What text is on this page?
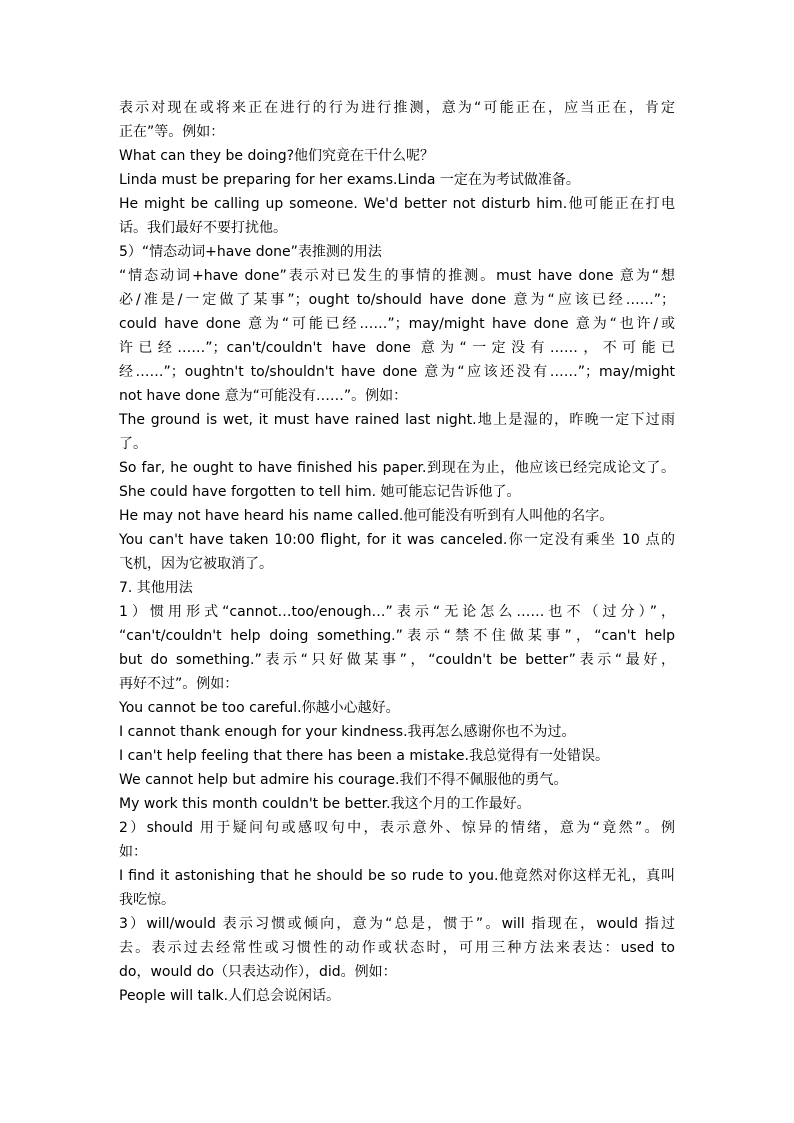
表示对现在或将来正在进行的行为进行推测，意为“可能正在，应当正在，肯定
正在”等。例如：
What can they be doing?他们究竟在干什么呢？
Linda must be preparing for her exams.Linda 一定在为考试做准备。
He might be calling up someone. We'd better not disturb him.他可能正在打电
话。我们最好不要打扰他。
5）“情态动词+have done”表推测的用法
“情态动词+have done”表示对已发生的事情的推测。must have done 意为“想
必/准是/一定做了某事”；ought to/should have done 意为“应该已经……”；
could have done 意为“可能已经……”；may/might have done 意为“也许/或
许已经……”；can't/couldn't have done 意为“一定没有……，不可能已
经……”；oughtn't to/shouldn't have done 意为“应该还没有……”；may/might
not have done 意为“可能没有……”。例如：
The ground is wet, it must have rained last night.地上是湿的，昨晚一定下过雨
了。
So far, he ought to have finished his paper.到现在为止，他应该已经完成论文了。
She could have forgotten to tell him. 她可能忘记告诉他了。
He may not have heard his name called.他可能没有听到有人叫他的名字。
You can't have taken 10:00 flight, for it was canceled.你一定没有乘坐 10 点的
飞机，因为它被取消了。
7. 其他用法
1）惯用形式“cannot…too/enough…”表示“无论怎么……也不（过分）”，
“can't/couldn't help doing something.”表示“禁不住做某事”，“can't help
but do something.”表示“只好做某事”，“couldn't be better”表示“最好，
再好不过”。例如：
You cannot be too careful.你越小心越好。
I cannot thank enough for your kindness.我再怎么感谢你也不为过。
I can't help feeling that there has been a mistake.我总觉得有一处错误。
We cannot help but admire his courage.我们不得不佩服他的勇气。
My work this month couldn't be better.我这个月的工作最好。
2）should 用于疑问句或感叹句中，表示意外、惊异的情绪，意为“竟然”。例
如：
I find it astonishing that he should be so rude to you.他竟然对你这样无礼，真叫
我吃惊。
3）will/would 表示习惯或倾向，意为“总是，惯于”。will 指现在，would 指过
去。表示过去经常性或习惯性的动作或状态时，可用三种方法来表达：used to
do，would do（只表达动作），did。例如：
People will talk.人们总会说闲话。
